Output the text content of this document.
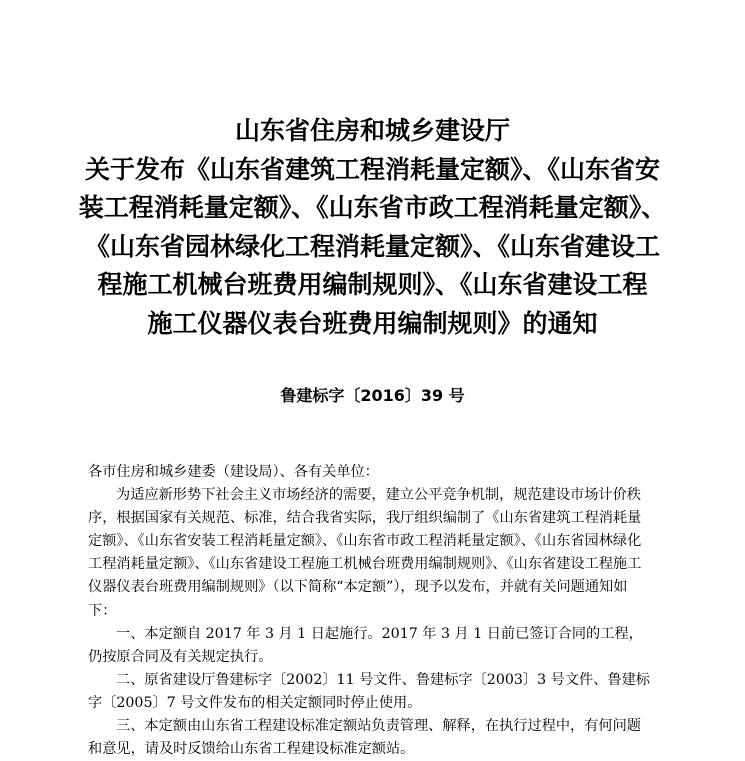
山东省住房和城乡建设厅
关于发布《山东省建筑工程消耗量定额》、《山东省安
装工程消耗量定额》、《山东省市政工程消耗量定额》、
《山东省园林绿化工程消耗量定额》、《山东省建设工
程施工机械台班费用编制规则》、《山东省建设工程
施工仪器仪表台班费用编制规则》的通知
鲁建标字〔2016〕39 号

各市住房和城乡建委（建设局）、各有关单位：

为适应新形势下社会主义市场经济的需要，建立公平竞争机制，规范建设市场计价秩序，根据国家有关规范、标准，结合我省实际，我厅组织编制了《山东省建筑工程消耗量定额》、《山东省安装工程消耗量定额》、《山东省市政工程消耗量定额》、《山东省园林绿化工程消耗量定额》、《山东省建设工程施工机械台班费用编制规则》、《山东省建设工程施工仪器仪表台班费用编制规则》（以下简称“本定额”），现予以发布，并就有关问题通知如下：

一、本定额自 2017 年 3 月 1 日起施行。2017 年 3 月 1 日前已签订合同的工程，仍按原合同及有关规定执行。

二、原省建设厅鲁建标字〔2002〕11 号文件、鲁建标字〔2003〕3 号文件、鲁建标字〔2005〕7 号文件发布的相关定额同时停止使用。

三、本定额由山东省工程建设标准定额站负责管理、解释，在执行过程中，有何问题和意见，请及时反馈给山东省工程建设标准定额站。
